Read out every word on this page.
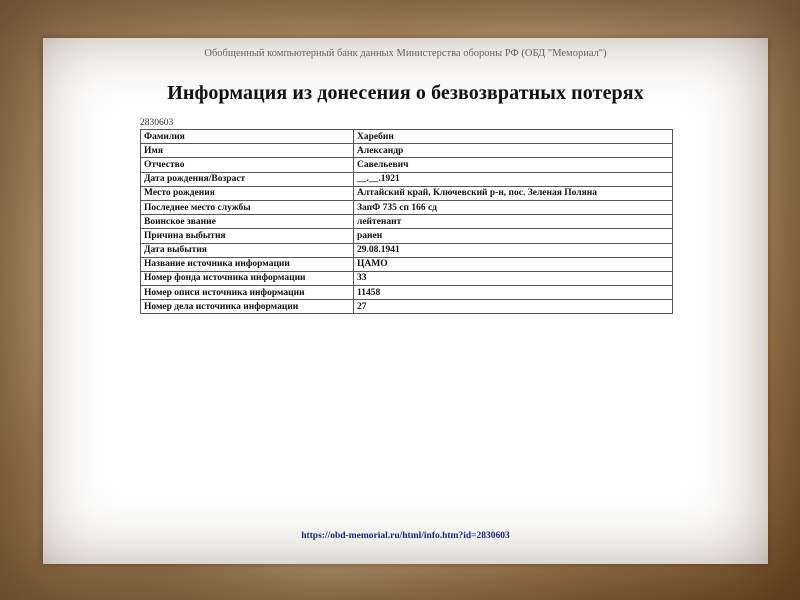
Обобщенный компьютерный банк данных Министерства обороны РФ (ОБД "Мемориал")
Информация из донесения о безвозвратных потерях
2830603
Фамилия	Харебин
Имя	Александр
Отчество	Савельевич
Дата рождения/Возраст	__.__.1921
Место рождения	Алтайский край, Ключевский р-н, пос. Зеленая Поляна
Последнее место службы	ЗапФ 735 сп 166 сд
Воинское звание	лейтенант
Причина выбытия	ранен
Дата выбытия	29.08.1941
Название источника информации	ЦАМО
Номер фонда источника информации	33
Номер описи источника информации	11458
Номер дела источника информации	27
https://obd-memorial.ru/html/info.htm?id=2830603
